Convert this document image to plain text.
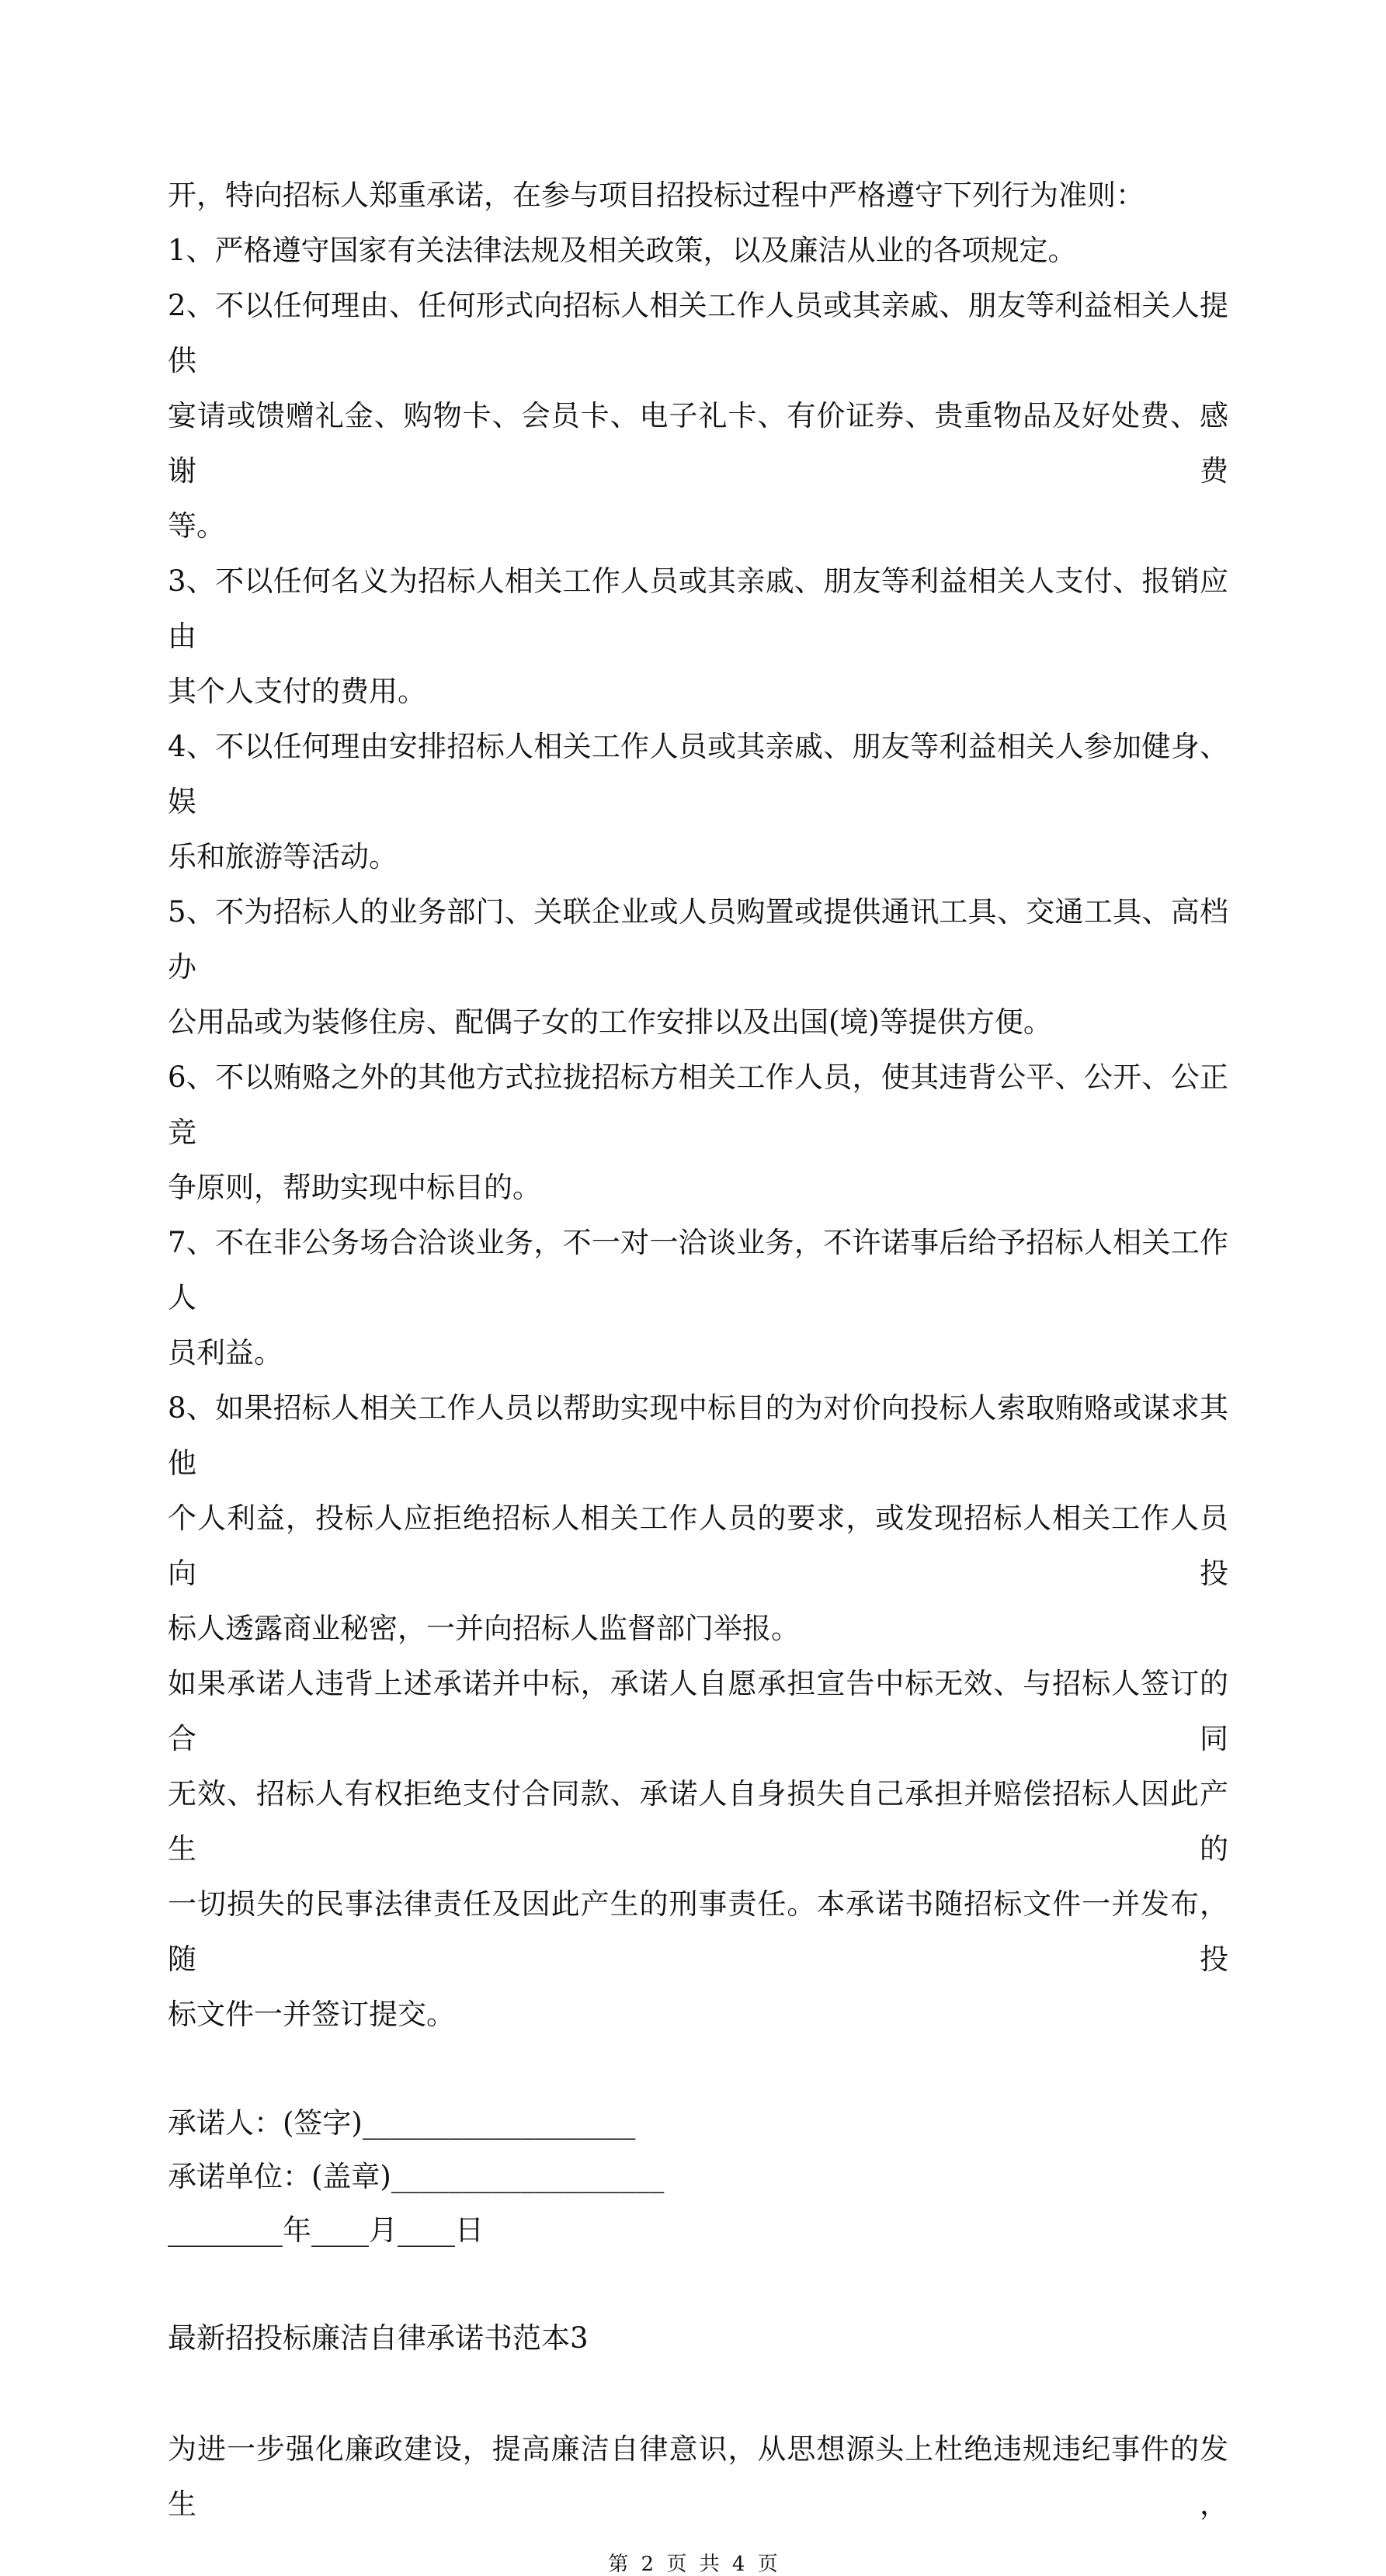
开，特向招标人郑重承诺，在参与项目招投标过程中严格遵守下列行为准则：
1、严格遵守国家有关法律法规及相关政策，以及廉洁从业的各项规定。
2、不以任何理由、任何形式向招标人相关工作人员或其亲戚、朋友等利益相关人提供
宴请或馈赠礼金、购物卡、会员卡、电子礼卡、有价证券、贵重物品及好处费、感谢费
等。
3、不以任何名义为招标人相关工作人员或其亲戚、朋友等利益相关人支付、报销应由
其个人支付的费用。
4、不以任何理由安排招标人相关工作人员或其亲戚、朋友等利益相关人参加健身、娱
乐和旅游等活动。
5、不为招标人的业务部门、关联企业或人员购置或提供通讯工具、交通工具、高档办
公用品或为装修住房、配偶子女的工作安排以及出国(境)等提供方便。
6、不以贿赂之外的其他方式拉拢招标方相关工作人员，使其违背公平、公开、公正竞
争原则，帮助实现中标目的。
7、不在非公务场合洽谈业务，不一对一洽谈业务，不许诺事后给予招标人相关工作人
员利益。
8、如果招标人相关工作人员以帮助实现中标目的为对价向投标人索取贿赂或谋求其他
个人利益，投标人应拒绝招标人相关工作人员的要求，或发现招标人相关工作人员向投
标人透露商业秘密，一并向招标人监督部门举报。
如果承诺人违背上述承诺并中标，承诺人自愿承担宣告中标无效、与招标人签订的合同
无效、招标人有权拒绝支付合同款、承诺人自身损失自己承担并赔偿招标人因此产生的
一切损失的民事法律责任及因此产生的刑事责任。本承诺书随招标文件一并发布，随投
标文件一并签订提交。
承诺人：(签字)___________________
承诺单位：(盖章)___________________
________年____月____日
最新招投标廉洁自律承诺书范本3
为进一步强化廉政建设，提高廉洁自律意识，从思想源头上杜绝违规违纪事件的发生，
第 2 页 共 4 页
